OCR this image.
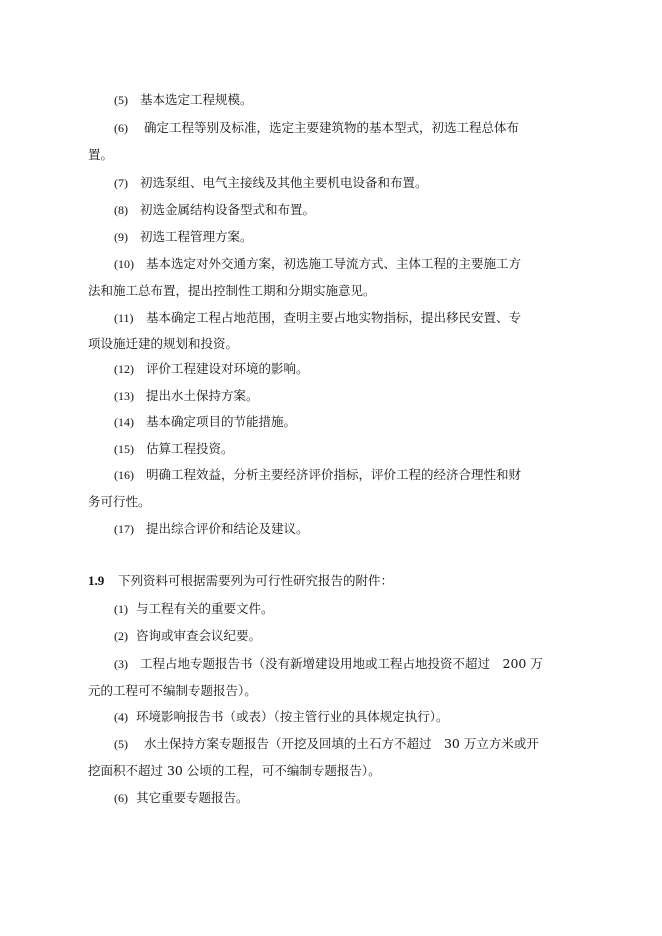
(5) 基本选定工程规模。
(6) 确定工程等别及标准，选定主要建筑物的基本型式，初选工程总体布
置。
(7) 初选泵组、电气主接线及其他主要机电设备和布置。
(8) 初选金属结构设备型式和布置。
(9) 初选工程管理方案。
(10) 基本选定对外交通方案，初选施工导流方式、主体工程的主要施工方
法和施工总布置，提出控制性工期和分期实施意见。
(11) 基本确定工程占地范围，查明主要占地实物指标，提出移民安置、专
项设施迁建的规划和投资。
(12) 评价工程建设对环境的影响。
(13) 提出水土保持方案。
(14) 基本确定项目的节能措施。
(15) 估算工程投资。
(16) 明确工程效益，分析主要经济评价指标，评价工程的经济合理性和财
务可行性。
(17) 提出综合评价和结论及建议。
1.9 下列资料可根据需要列为可行性研究报告的附件：
(1) 与工程有关的重要文件。
(2) 咨询或审查会议纪要。
(3) 工程占地专题报告书（没有新增建设用地或工程占地投资不超过　200 万
元的工程可不编制专题报告）。
(4) 环境影响报告书（或表）（按主管行业的具体规定执行）。
(5) 水土保持方案专题报告（开挖及回填的土石方不超过　30 万立方米或开
挖面积不超过 30 公顷的工程，可不编制专题报告）。
(6) 其它重要专题报告。
